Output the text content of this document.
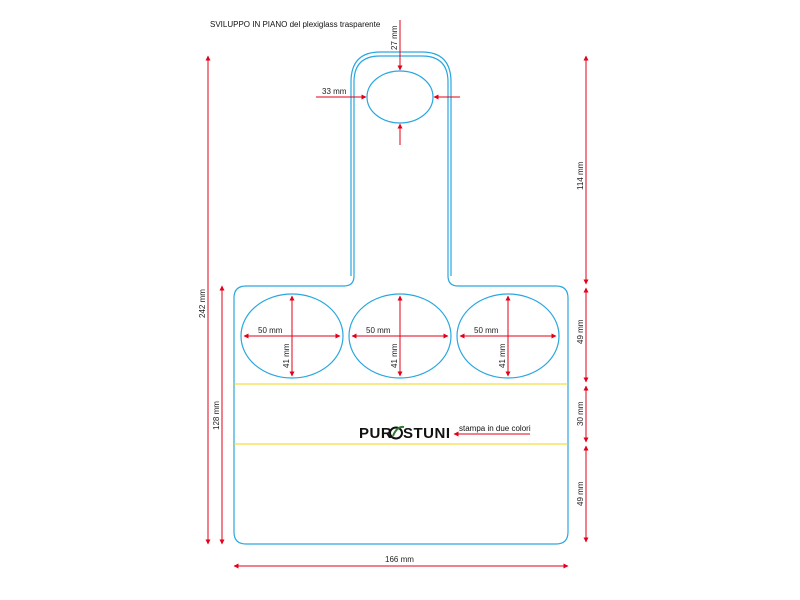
SVILUPPO IN PIANO del plexiglass trasparente
50 mm
41 mm
50 mm
41 mm
50 mm
41 mm
27 mm
33 mm
242 mm
128 mm
114 mm
49 mm
30 mm
49 mm
166 mm
PUR STUNI stampa in due colori
